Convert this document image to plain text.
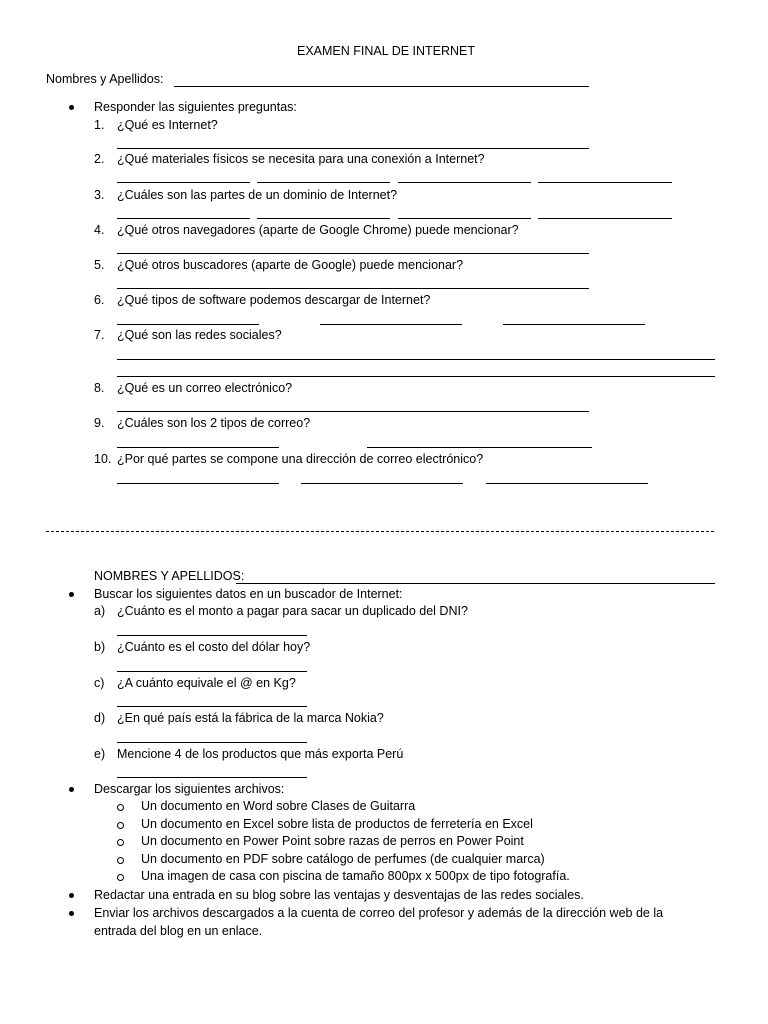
EXAMEN FINAL DE INTERNET
Nombres y Apellidos:
Responder las siguientes preguntas:
1. ¿Qué es Internet?
2. ¿Qué materiales físicos se necesita para una conexión a Internet?
3. ¿Cuáles son las partes de un dominio de Internet?
4. ¿Qué otros navegadores (aparte de Google Chrome) puede mencionar?
5. ¿Qué otros buscadores (aparte de Google) puede mencionar?
6. ¿Qué tipos de software podemos descargar de Internet?
7. ¿Qué son las redes sociales?
8. ¿Qué es un correo electrónico?
9. ¿Cuáles son los 2 tipos de correo?
10. ¿Por qué partes se compone una dirección de correo electrónico?
NOMBRES Y APELLIDOS:
Buscar los siguientes datos en un buscador de Internet:
a) ¿Cuánto es el monto a pagar para sacar un duplicado del DNI?
b) ¿Cuánto es el costo del dólar hoy?
c) ¿A cuánto equivale el @ en Kg?
d) ¿En qué país está la fábrica de la marca Nokia?
e) Mencione 4 de los productos que más exporta Perú
Descargar los siguientes archivos:
Un documento en Word sobre Clases de Guitarra
Un documento en Excel sobre lista de productos de ferretería en Excel
Un documento en Power Point sobre razas de perros en Power Point
Un documento en PDF sobre catálogo de perfumes (de cualquier marca)
Una imagen de casa con piscina de tamaño 800px x 500px de tipo fotografía.
Redactar una entrada en su blog sobre las ventajas y desventajas de las redes sociales.
Enviar los archivos descargados a la cuenta de correo del profesor y además de la dirección web de la
entrada del blog en un enlace.
